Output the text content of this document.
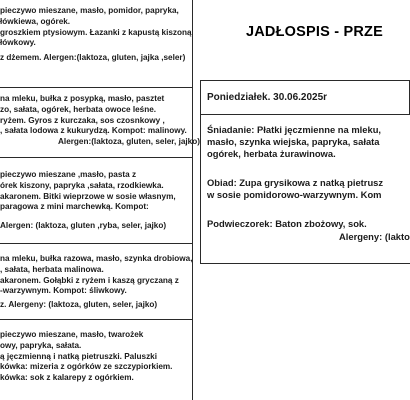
pieczywo mieszane, masło, pomidor, papryka,
łówkiewa, ogórek.
groszkiem ptysiowym. Łazanki z kapustą kiszoną
łówkowy.
z dżemem. Alergen:(laktoza, gluten, jajka ,seler)
na mleku, bułka z posypką, masło, pasztet
zo, sałata, ogórek, herbata owoce leśne.
ryżem. Gyros z kurczaka, sos czosnkowy ,
, sałata lodowa z kukurydzą. Kompot: malinowy.
Alergen:(laktoza, gluten, seler, jajko)
pieczywo mieszane ,masło, pasta z
órek kiszony, papryka ,sałata, rzodkiewka.
akaronem. Bitki wieprzowe w sosie własnym,
paragowa z mini marchewką. Kompot:
Alergen: (laktoza, gluten ,ryba, seler, jajko)
na mleku, bułka razowa, masło, szynka drobiowa,
, sałata, herbata malinowa.
akaronem. Gołąbki z ryżem i kaszą gryczaną z
-warzywnym. Kompot: śliwkowy.
z. Alergeny: (laktoza, gluten, seler, jajko)
pieczywo mieszane, masło, twarożek
owy, papryka, sałata.
ą jęczmienną i natką pietruszki. Paluszki
kówka: mizeria z ogórków ze szczypiorkiem.
kówka: sok z kalarepy z ogórkiem.
JADŁOSPIS - PRZE
Poniedziałek. 30.06.2025r
Śniadanie: Płatki jęczmienne na mleku,
masło, szynka wiejska, papryka, sałata
ogórek, herbata żurawinowa.
Obiad: Zupa grysikowa z natką pietrusz
w sosie pomidorowo-warzywnym. Kom
Podwieczorek: Baton zbożowy, sok.
Alergeny: (lakto
